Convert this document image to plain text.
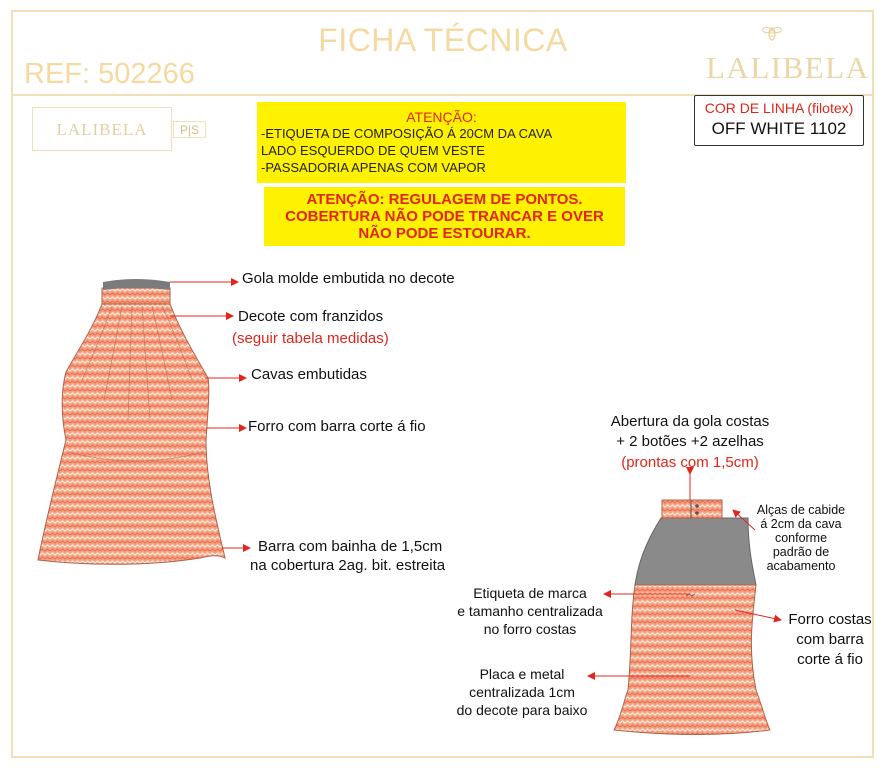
FICHA TÉCNICA
REF: 502266	LALIBELA
LALIBELA	P|S
ATENÇÃO:
-ETIQUETA DE COMPOSIÇÃO Á 20CM DA CAVA
LADO ESQUERDO DE QUEM VESTE
-PASSADORIA APENAS COM VAPOR
ATENÇÃO: REGULAGEM DE PONTOS.
COBERTURA NÃO PODE TRANCAR E OVER
NÃO PODE ESTOURAR.
COR DE LINHA (filotex)
OFF WHITE 1102
Gola molde embutida no decote
Decote com franzidos
(seguir tabela medidas)
Cavas embutidas
Forro com barra corte á fio
Barra com bainha de 1,5cm
na cobertura 2ag. bit. estreita
Abertura da gola costas
+ 2 botões +2 azelhas
(prontas com 1,5cm)
Alças de cabide
á 2cm da cava
conforme
padrão de
acabamento
Etiqueta de marca
e tamanho centralizada
no forro costas
Forro costas
com barra
corte á fio
Placa e metal
centralizada 1cm
do decote para baixo
